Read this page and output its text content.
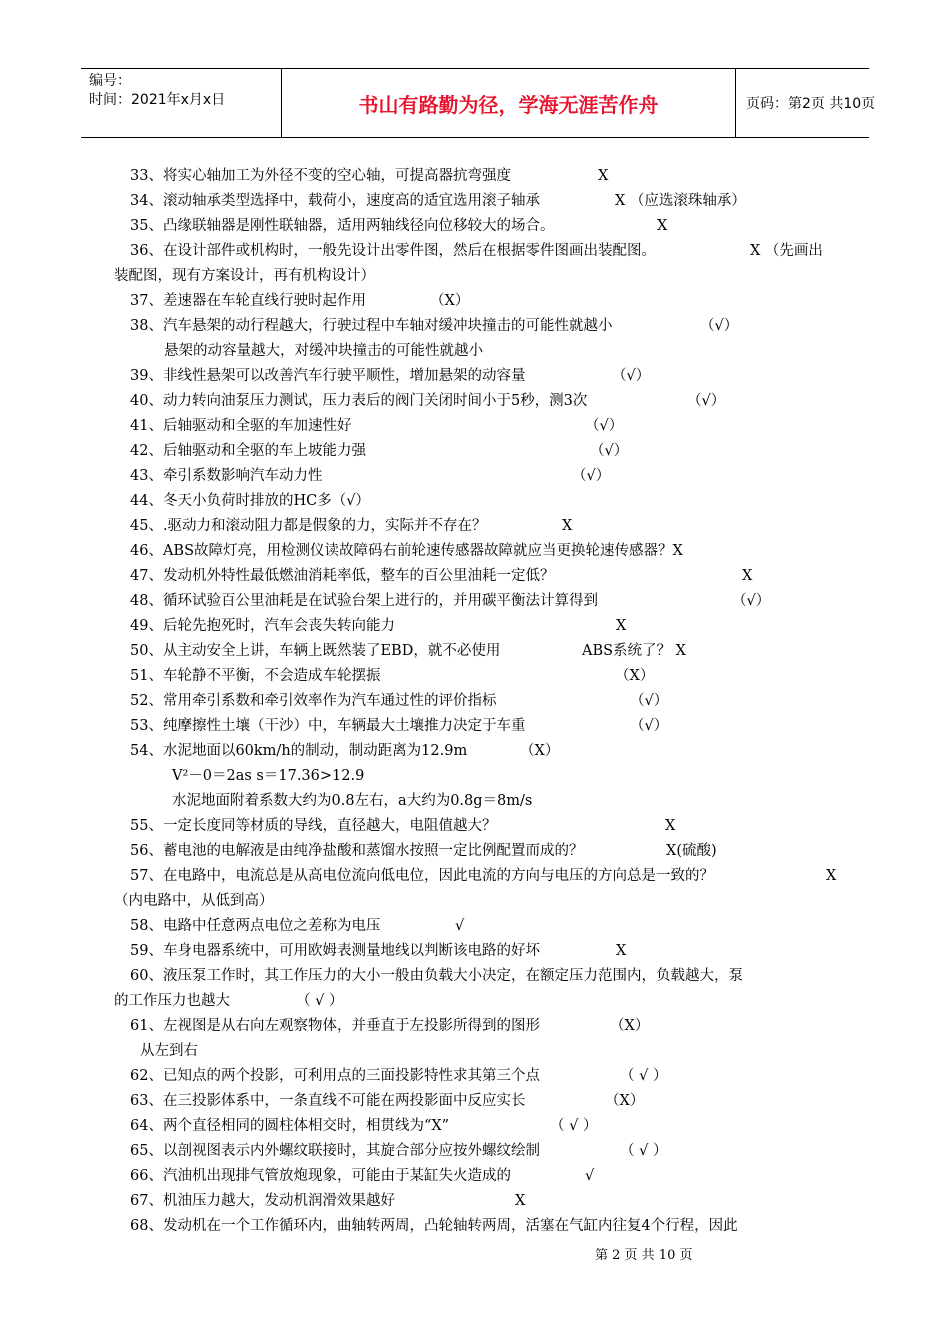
编号：
时间：2021年x月x日	书山有路勤为径，学海无涯苦作舟	页码：第2页 共10页
33、将实心轴加工为外径不变的空心轴，可提高器抗弯强度	X
34、滚动轴承类型选择中，载荷小，速度高的适宜选用滚子轴承	X （应选滚珠轴承）
35、凸缘联轴器是刚性联轴器，适用两轴线径向位移较大的场合。	X
36、在设计部件或机构时，一般先设计出零件图，然后在根据零件图画出装配图。	X （先画出
装配图，现有方案设计，再有机构设计）
37、差速器在车轮直线行驶时起作用	（X）
38、汽车悬架的动行程越大，行驶过程中车轴对缓冲块撞击的可能性就越小	（√）
悬架的动容量越大，对缓冲块撞击的可能性就越小
39、非线性悬架可以改善汽车行驶平顺性，增加悬架的动容量	（√）
40、动力转向油泵压力测试，压力表后的阀门关闭时间小于5秒，测3次	（√）
41、后轴驱动和全驱的车加速性好	（√）
42、后轴驱动和全驱的车上坡能力强	（√）
43、牵引系数影响汽车动力性	（√）
44、冬天小负荷时排放的HC多（√）
45、.驱动力和滚动阻力都是假象的力，实际并不存在？	X
46、ABS故障灯亮，用检测仪读故障码右前轮速传感器故障就应当更换轮速传感器？X
47、发动机外特性最低燃油消耗率低，整车的百公里油耗一定低？	X
48、循环试验百公里油耗是在试验台架上进行的，并用碳平衡法计算得到	（√）
49、后轮先抱死时，汽车会丧失转向能力	X
50、从主动安全上讲，车辆上既然装了EBD，就不必使用	ABS系统了？ X
51、车轮静不平衡，不会造成车轮摆振	（X）
52、常用牵引系数和牵引效率作为汽车通过性的评价指标	（√）
53、纯摩擦性土壤（干沙）中，车辆最大土壤推力决定于车重	（√）
54、水泥地面以60km/h的制动，制动距离为12.9m	（X）
V²－0＝2as s＝17.36>12.9
水泥地面附着系数大约为0.8左右，a大约为0.8g＝8m/s
55、一定长度同等材质的导线，直径越大，电阻值越大？	X
56、蓄电池的电解液是由纯净盐酸和蒸馏水按照一定比例配置而成的？	X(硫酸)
57、在电路中，电流总是从高电位流向低电位，因此电流的方向与电压的方向总是一致的？	X
（内电路中，从低到高）
58、电路中任意两点电位之差称为电压	√
59、车身电器系统中，可用欧姆表测量地线以判断该电路的好坏	X
60、液压泵工作时，其工作压力的大小一般由负载大小决定，在额定压力范围内，负载越大，泵
的工作压力也越大	（ √ ）
61、左视图是从右向左观察物体，并垂直于左投影所得到的图形	（X）
从左到右
62、已知点的两个投影，可利用点的三面投影特性求其第三个点	（ √ ）
63、在三投影体系中，一条直线不可能在两投影面中反应实长	（X）
64、两个直径相同的圆柱体相交时，相贯线为“X”	（ √ ）
65、以剖视图表示内外螺纹联接时，其旋合部分应按外螺纹绘制	（ √ ）
66、汽油机出现排气管放炮现象，可能由于某缸失火造成的	√
67、机油压力越大，发动机润滑效果越好	X
68、发动机在一个工作循环内，曲轴转两周，凸轮轴转两周，活塞在气缸内往复4个行程，因此
第 2 页 共 10 页
